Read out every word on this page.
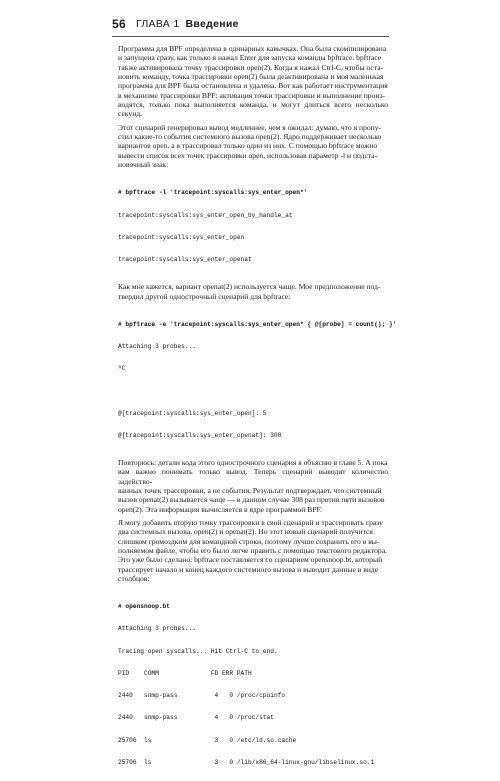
56 ГЛАВА 1 Введение

Программа для BPF определена в одинарных кавычках. Она была скомпилирована
и запущена сразу, как только я нажал Enter для запуска команды bpftrace. bpftrace
также активировала точку трассировки open(2). Когда я нажал Ctrl-C, чтобы оста-
новить команду, точка трассировки open(2) была деактивирована и моя маленькая
программа для BPF была остановлена и удалена. Вот как работает инструментация
в механизме трассировки BPF: активация точки трассировки и выполнение произ-
водятся, только пока выполняется команда, и могут длиться всего несколько секунд.

Этот сценарий генерировал вывод медленнее, чем я ожидал: думаю, что я пропу-
стил какие-то события системного вызова open(2). Ядро поддерживает несколько
вариантов open, а я трассировал только один из них. С помощью bpftrace можно
вывести список всех точек трассировки open, использовав параметр -l и подста-
новочный знак:

# bpftrace -l 'tracepoint:syscalls:sys_enter_open*'

tracepoint:syscalls:sys_enter_open_by_handle_at

tracepoint:syscalls:sys_enter_open

tracepoint:syscalls:sys_enter_openat

Как мне кажется, вариант openat(2) используется чаще. Мое предположение под-
твердил другой однострочный сценарий для bpftrace:

# bpftrace -e 'tracepoint:syscalls:sys_enter_open* { @[probe] = count(); }'

Attaching 3 probes...

^C

@[tracepoint:syscalls:sys_enter_open]: 5

@[tracepoint:syscalls:sys_enter_openat]: 308

Повторюсь: детали кода этого однострочного сценария я объясню в главе 5. А пока
вам важно понимать только вывод. Теперь сценарий выводит количество задейство-
ванных точек трассировки, а не события. Результат подтверждает, что системный
вызов openat(2) вызывается чаще — в данном случае 308 раз против пяти вызовов
open(2). Эта информация вычисляется в ядре программой BPF.

Я могу добавить вторую точку трассировки в свой сценарий и трассировать сразу
два системных вызова, open(2) и openat(2). Но этот новый сценарий получится
слишком громоздким для командной строки, поэтому лучше сохранить его в вы-
полняемом файле, чтобы его было легче править с помощью текстового редактора.
Это уже было сделано: bpftrace поставляется со сценарием opensnoop.bt, который
трассирует начало и конец каждого системного вызова и выводит данные в виде
столбцов:

# opensnoop.bt

Attaching 3 probes...

Tracing open syscalls... Hit Ctrl-C to end.

PID    COMM              FD ERR PATH

2440   snmp-pass          4   0 /proc/cpuinfo

2440   snmp-pass          4   0 /proc/stat

25706  ls                 3   0 /etc/ld.so.cache

25706  ls                 3   0 /lib/x86_64-linux-gnu/libselinux.so.1
